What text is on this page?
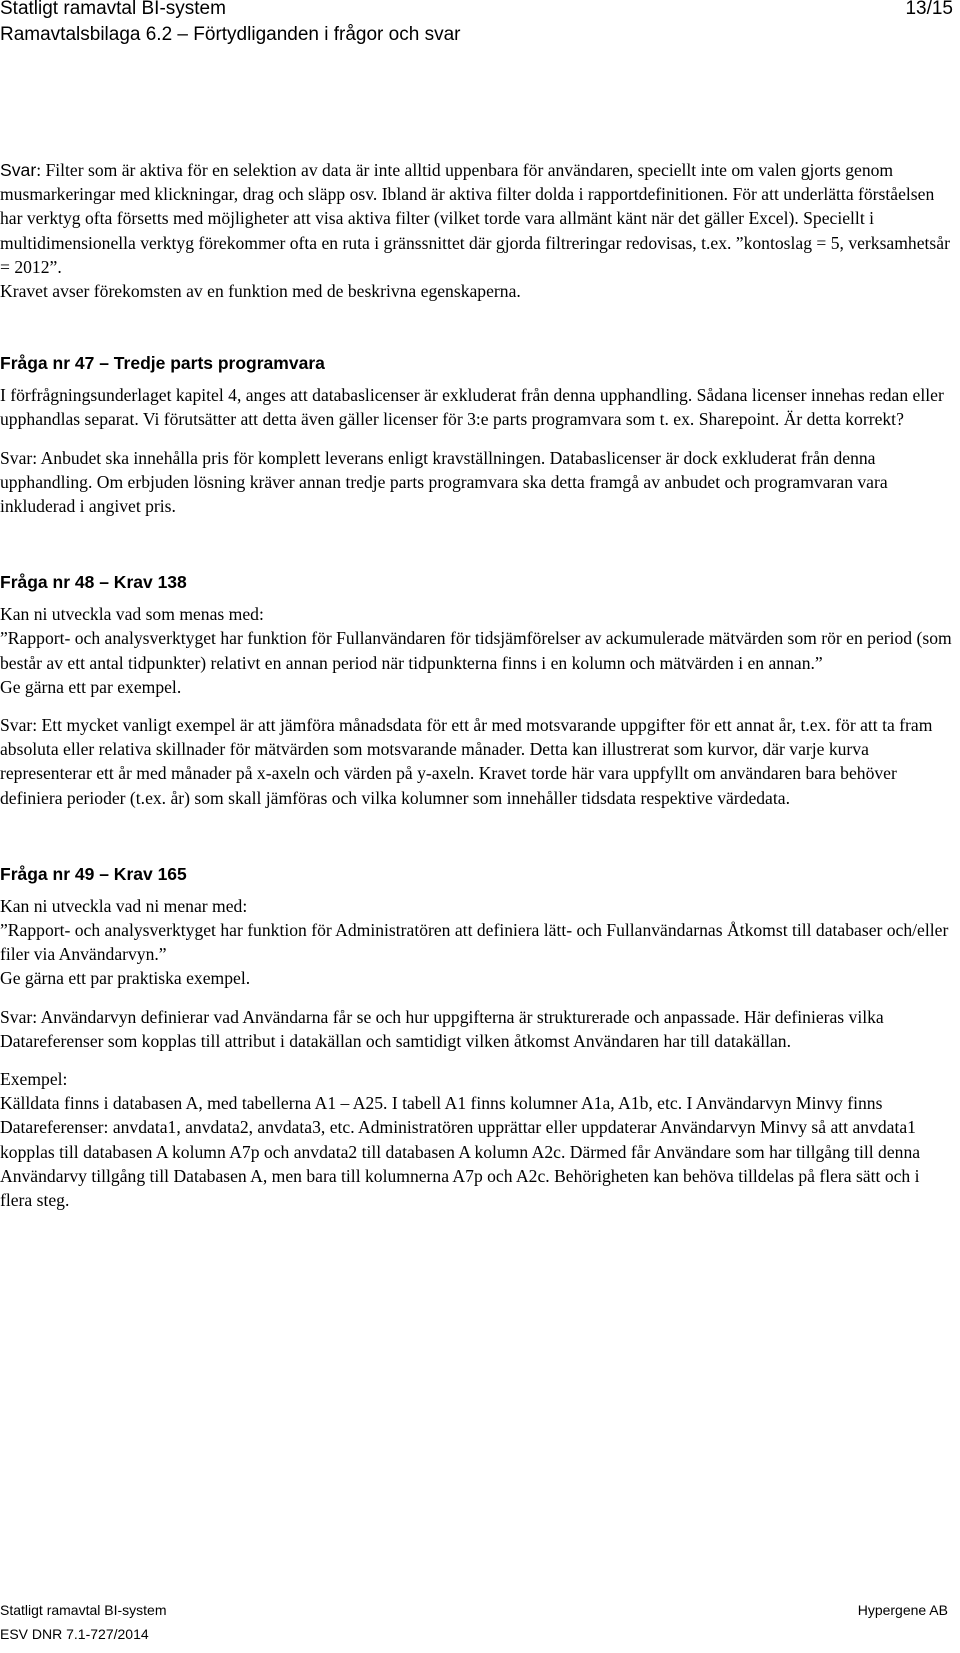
Statligt ramavtal BI-system
Ramavtalsbilaga 6.2 – Förtydliganden i frågor och svar
13/15

Svar: Filter som är aktiva för en selektion av data är inte alltid uppenbara för användaren, speciellt inte om valen gjorts genom musmarkeringar med klickningar, drag och släpp osv. Ibland är aktiva filter dolda i rapportdefinitionen. För att underlätta förståelsen har verktyg ofta försetts med möjligheter att visa aktiva filter (vilket torde vara allmänt känt när det gäller Excel). Speciellt i multidimensionella verktyg förekommer ofta en ruta i gränssnittet där gjorda filtreringar redovisas, t.ex. ”kontoslag = 5, verksamhetsår = 2012”.

Kravet avser förekomsten av en funktion med de beskrivna egenskaperna.

Fråga nr 47 – Tredje parts programvara

I förfrågningsunderlaget kapitel 4, anges att databaslicenser är exkluderat från denna upphandling. Sådana licenser innehas redan eller upphandlas separat. Vi förutsätter att detta även gäller licenser för 3:e parts programvara som t. ex. Sharepoint. Är detta korrekt?

Svar: Anbudet ska innehålla pris för komplett leverans enligt kravställningen. Databaslicenser är dock exkluderat från denna upphandling. Om erbjuden lösning kräver annan tredje parts programvara ska detta framgå av anbudet och programvaran vara inkluderad i angivet pris.

Fråga nr 48 – Krav 138

Kan ni utveckla vad som menas med:

”Rapport- och analysverktyget har funktion för Fullanvändaren för tidsjämförelser av ackumulerade mätvärden som rör en period (som består av ett antal tidpunkter) relativt en annan period när tidpunkterna finns i en kolumn och mätvärden i en annan.”

Ge gärna ett par exempel.

Svar: Ett mycket vanligt exempel är att jämföra månadsdata för ett år med motsvarande uppgifter för ett annat år, t.ex. för att ta fram absoluta eller relativa skillnader för mätvärden som motsvarande månader. Detta kan illustrerat som kurvor, där varje kurva representerar ett år med månader på x-axeln och värden på y-axeln. Kravet torde här vara uppfyllt om användaren bara behöver definiera perioder (t.ex. år) som skall jämföras och vilka kolumner som innehåller tidsdata respektive värdedata.

Fråga nr 49 – Krav 165

Kan ni utveckla vad ni menar med:

”Rapport- och analysverktyget har funktion för Administratören att definiera lätt- och Fullanvändarnas Åtkomst till databaser och/eller filer via Användarvyn.”

Ge gärna ett par praktiska exempel.

Svar: Användarvyn definierar vad Användarna får se och hur uppgifterna är strukturerade och anpassade. Här definieras vilka Datareferenser som kopplas till attribut i datakällan och samtidigt vilken åtkomst Användaren har till datakällan.

Exempel:

Källdata finns i databasen A, med tabellerna A1 – A25. I tabell A1 finns kolumner A1a, A1b, etc. I Användarvyn Minvy finns Datareferenser: anvdata1, anvdata2, anvdata3, etc. Administratören upprättar eller uppdaterar Användarvyn Minvy så att anvdata1 kopplas till databasen A kolumn A7p och anvdata2 till databasen A kolumn A2c. Därmed får Användare som har tillgång till denna Användarvy tillgång till Databasen A, men bara till kolumnerna A7p och A2c. Behörigheten kan behöva tilldelas på flera sätt och i flera steg.

Statligt ramavtal BI-system
ESV DNR 7.1-727/2014
Hypergene AB
